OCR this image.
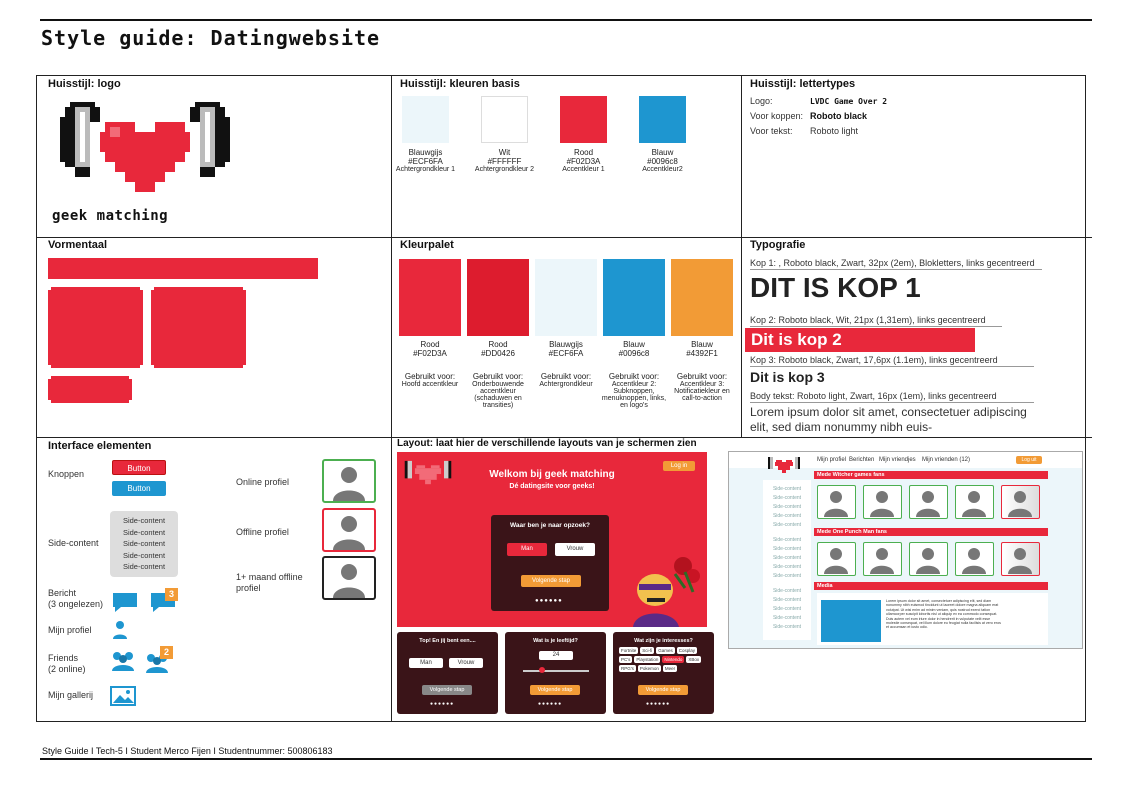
Style guide: Datingwebsite
Huisstijl: logo
geek matching
Huisstijl: kleuren basis
Blauwgijs
#ECF6FA
Achtergrondkleur 1
Wit
#FFFFFF
Achtergrondkleur 2
Rood
#F02D3A
Accentkleur 1
Blauw
#0096c8
Accentkleur2
Huisstijl: lettertypes
Logo:	LVDC Game Over 2
Voor koppen: Roboto black
Voor tekst: Roboto light
Vormentaal	Kleurpalet
Rood
#F02D3A
Gebruikt voor:
Hoofd accentkleur
Rood
#DD0426
Gebruikt voor:
Onderbouwende accentkleur (schaduwen en transities)
Blauwgijs
#ECF6FA
Gebruikt voor:
Achtergrondkleur
Blauw
#0096c8
Gebruikt voor:
Accentkleur 2: Subknoppen, menuknoppen, links, en logo's
Blauw
#4392F1
Gebruikt voor:
Accentkleur 3: Notificatiekleur en call-to-action
Typografie
Kop 1: , Roboto black, Zwart, 32px (2em), Blokletters, links gecentreerd
DIT IS KOP 1
Kop 2: Roboto black, Wit, 21px (1,31em), links gecentreerd
Dit is kop 2
Kop 3: Roboto black, Zwart, 17,6px (1.1em), links gecentreerd
Dit is kop 3
Body tekst: Roboto light, Zwart, 16px (1em), links gecentreerd
Lorem ipsum dolor sit amet, consectetuer adipiscing elit, sed diam nonummy nibh euis-
Interface elementen
Knoppen
Button
Button
Side-content
Side-content
Side-content
Side-content
Side-content
Side-content
Bericht
(3 ongelezen)
3
Mijn profiel
Friends
(2 online)
2
Mijn gallerij
Online profiel
Offline profiel
1+ maand offline profiel
Layout: laat hier de verschillende layouts van je schermen zien
Log in
Welkom bij geek matching
Dé datingsite voor geeks!
Waar ben je naar opzoek?
Man	Vrouw
Volgende stap
●●●●●●
Top! En jij bent een....
Man	Vrouw
Volgende stap
●●●●●●
Wat is je leeftijd?
24
Volgende stap
●●●●●●
Wat zijn je interesses?
Fortnite	Sci-fi	Games	Cosplay
PC's	Playstation	Nintendo	XBox
RPG's	Pokemon	Meer
Volgende stap
●●●●●●
Mijn profiel Berichten Mijn vriendjes Mijn vrienden (12)	Log uit
Side-content
Side-content
Side-content
Side-content
Side-content
Side-content
Side-content
Side-content
Side-content
Side-content
Side-content
Side-content
Side-content
Side-content
Side-content
Mede Witcher games fans
Mede One Punch Man fans
Media
Lorem ipsum dolor sit amet, consectetuer adipiscing elit, sed diam nonummy nibh euismod tincidunt ut laoreet dolore magna aliquam erat volutpat. Ut wisi enim ad minim veniam, quis nostrud exerci tation ullamcorper suscipit lobortis nisl ut aliquip ex ea commodo consequat. Duis autem vel eum iriure dolor in hendrerit in vulputate velit esse molestie consequat, vel illum dolore eu feugiat nulla facilisis at vero eros et accumsan et iusto odio.
Style Guide I Tech-5 I Student Merco Fijen I Studentnummer: 500806183
